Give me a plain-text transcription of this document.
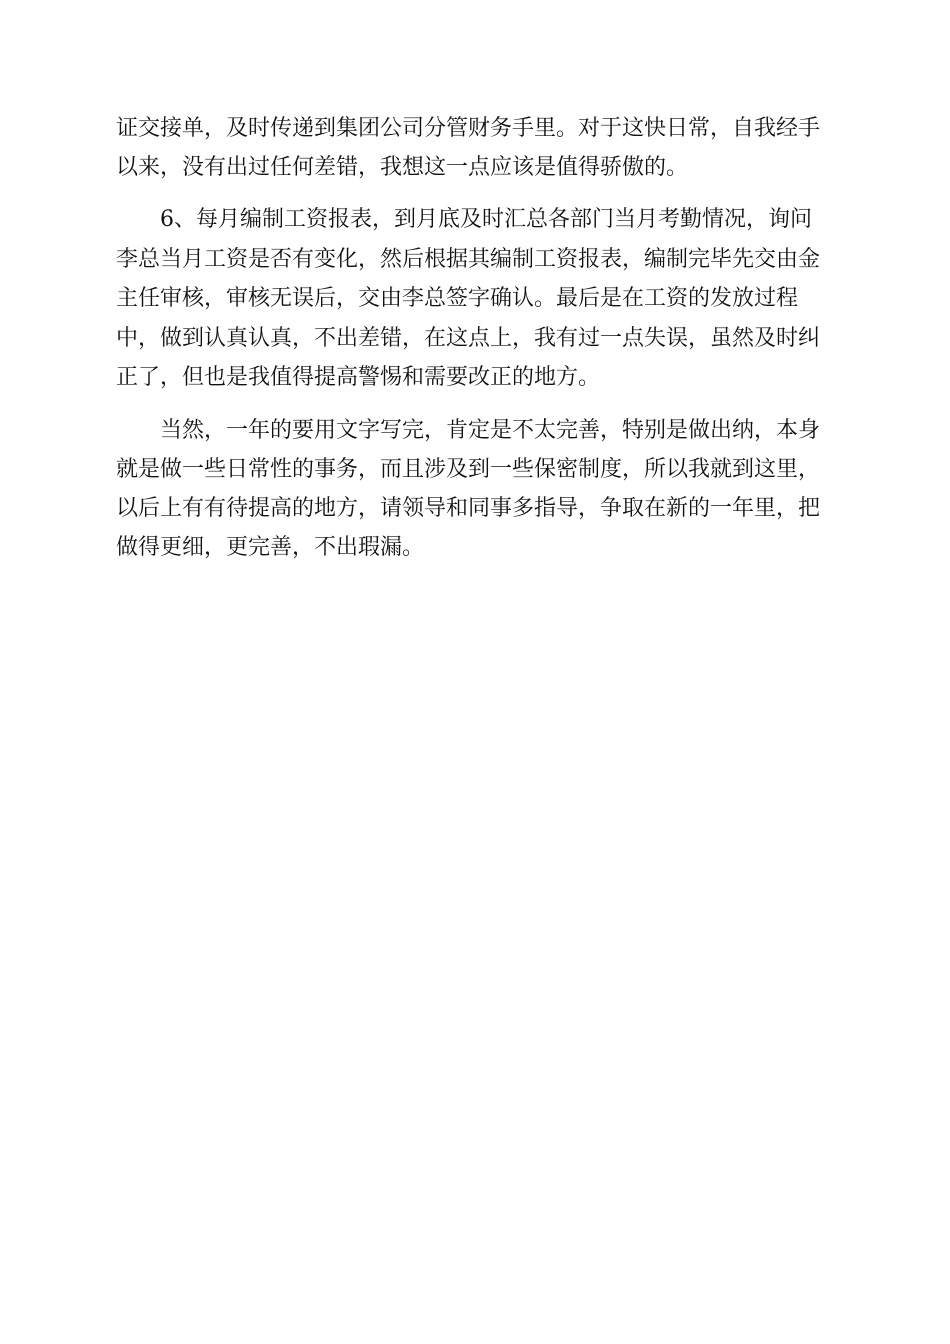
证交接单，及时传递到集团公司分管财务手里。对于这快日常，自我经手
以来，没有出过任何差错，我想这一点应该是值得骄傲的。
6、每月编制工资报表，到月底及时汇总各部门当月考勤情况，询问
李总当月工资是否有变化，然后根据其编制工资报表，编制完毕先交由金
主任审核，审核无误后，交由李总签字确认。最后是在工资的发放过程
中，做到认真认真，不出差错，在这点上，我有过一点失误，虽然及时纠
正了，但也是我值得提高警惕和需要改正的地方。
当然，一年的要用文字写完，肯定是不太完善，特别是做出纳，本身
就是做一些日常性的事务，而且涉及到一些保密制度，所以我就到这里，
以后上有有待提高的地方，请领导和同事多指导，争取在新的一年里，把
做得更细，更完善，不出瑕漏。
